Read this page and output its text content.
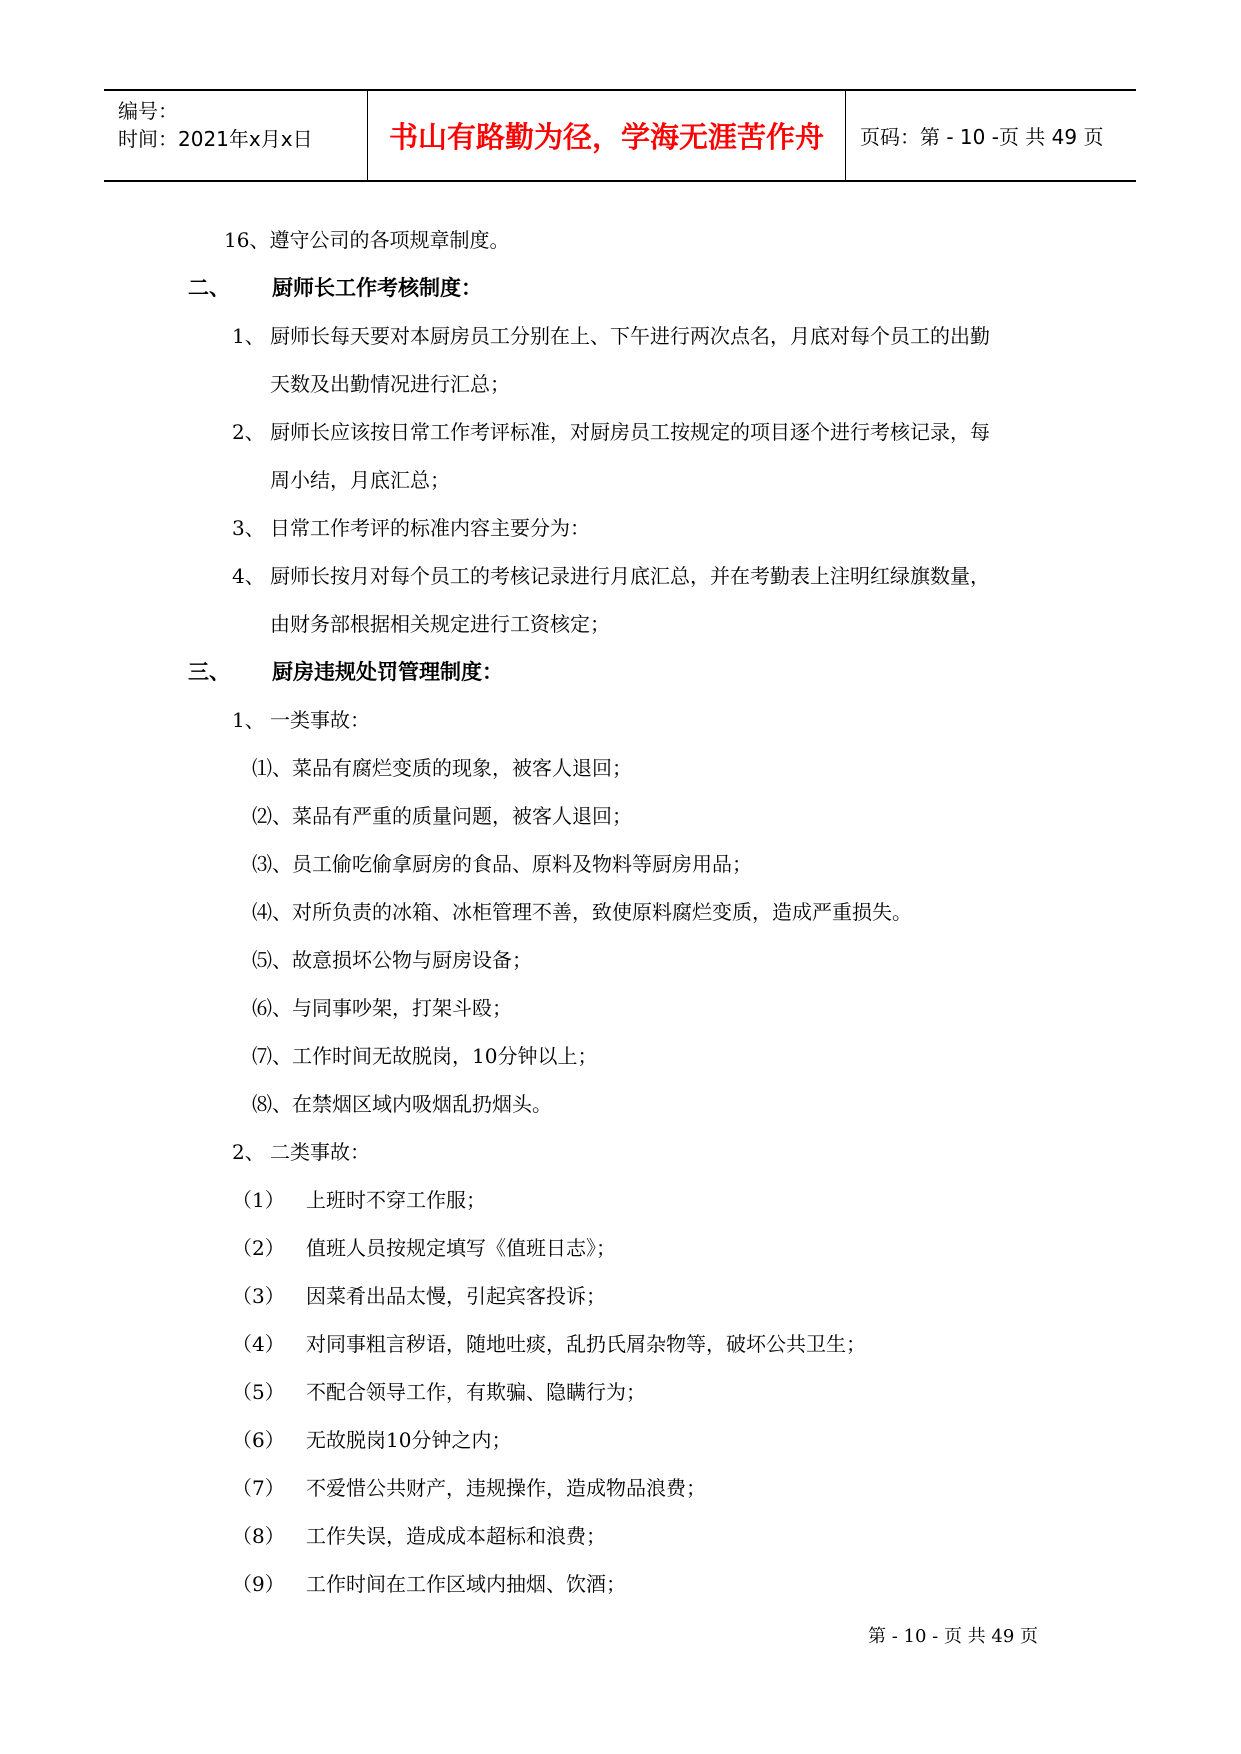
编号：
时间：2021年x月x日	书山有路勤为径，学海无涯苦作舟	页码：第 - 10 -页 共 49 页
16、遵守公司的各项规章制度。
二、 厨师长工作考核制度：
1、 厨师长每天要对本厨房员工分别在上、下午进行两次点名，月底对每个员工的出勤
天数及出勤情况进行汇总；
2、 厨师长应该按日常工作考评标准，对厨房员工按规定的项目逐个进行考核记录，每
周小结，月底汇总；
3、 日常工作考评的标准内容主要分为：
4、 厨师长按月对每个员工的考核记录进行月底汇总，并在考勤表上注明红绿旗数量，
由财务部根据相关规定进行工资核定；
三、 厨房违规处罚管理制度：
1、 一类事故：
⑴、菜品有腐烂变质的现象，被客人退回；
⑵、菜品有严重的质量问题，被客人退回；
⑶、员工偷吃偷拿厨房的食品、原料及物料等厨房用品；
⑷、对所负责的冰箱、冰柜管理不善，致使原料腐烂变质，造成严重损失。
⑸、故意损坏公物与厨房设备；
⑹、与同事吵架，打架斗殴；
⑺、工作时间无故脱岗，10分钟以上；
⑻、在禁烟区域内吸烟乱扔烟头。
2、 二类事故：
（1） 上班时不穿工作服；
（2） 值班人员按规定填写《值班日志》；
（3） 因菜肴出品太慢，引起宾客投诉；
（4） 对同事粗言秽语，随地吐痰，乱扔氏屑杂物等，破坏公共卫生；
（5） 不配合领导工作，有欺骗、隐瞒行为；
（6） 无故脱岗10分钟之内；
（7） 不爱惜公共财产，违规操作，造成物品浪费；
（8） 工作失误，造成成本超标和浪费；
（9） 工作时间在工作区域内抽烟、饮酒；
第 - 10 - 页 共 49 页
